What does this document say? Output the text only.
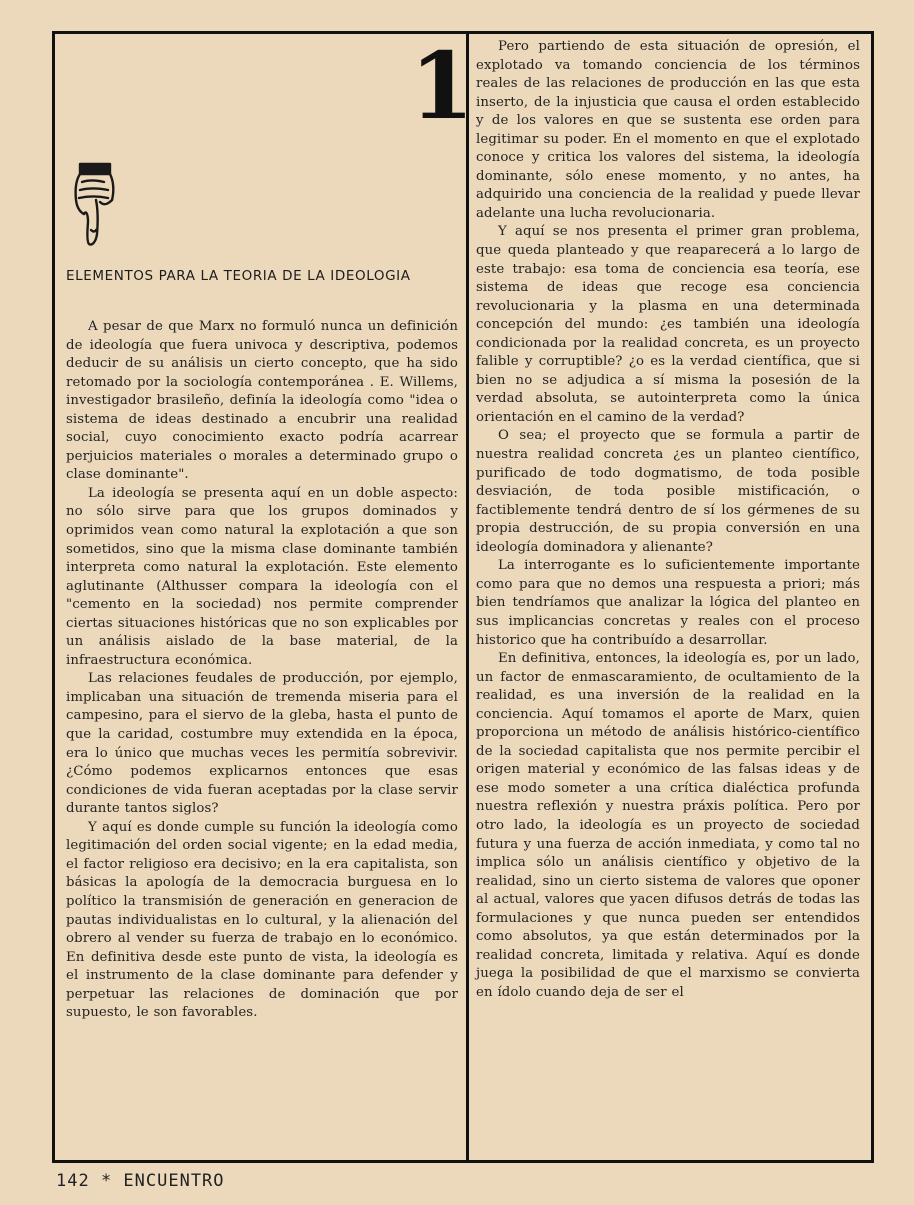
1
ELEMENTOS PARA LA TEORIA DE LA IDEOLOGIA

A pesar de que Marx no formuló nunca un definición de ideología que fuera univoca y descriptiva, podemos deducir de su análisis un cierto concepto, que ha sido retomado por la sociología contemporánea . E. Willems, investigador brasileño, definía la ideología como "idea o sistema de ideas destinado a encubrir una realidad social, cuyo conocimiento exacto podría acarrear perjuicios materiales o morales a determinado grupo o clase dominante".

La ideología se presenta aquí en un doble aspecto: no sólo sirve para que los grupos dominados y oprimidos vean como natural la explotación a que son sometidos, sino que la misma clase dominante también interpreta como natural la explotación. Este elemento aglutinante (Althusser compara la ideología con el "cemento en la sociedad) nos permite comprender ciertas situaciones históricas que no son explicables por un análisis aislado de la base material, de la infraestructura económica.

Las relaciones feudales de producción, por ejemplo, implicaban una situación de tremenda miseria para el campesino, para el siervo de la gleba, hasta el punto de que la caridad, costumbre muy extendida en la época, era lo único que muchas veces les permitía sobrevivir. ¿Cómo podemos explicarnos entonces que esas condiciones de vida fueran aceptadas por la clase servir durante tantos siglos?

Y aquí es donde cumple su función la ideología como legitimación del orden social vigente; en la edad media, el factor religioso era decisivo; en la era capitalista, son básicas la apología de la democracia burguesa en lo político la transmisión de generación en generacion de pautas individualistas en lo cultural, y la alienación del obrero al vender su fuerza de trabajo en lo económico. En definitiva desde este punto de vista, la ideología es el instrumento de la clase dominante para defender y perpetuar las relaciones de dominación que por supuesto, le son favorables.

Pero partiendo de esta situación de opresión, el explotado va tomando conciencia de los términos reales de las relaciones de producción en las que esta inserto, de la injusticia que causa el orden establecido y de los valores en que se sustenta ese orden para legitimar su poder. En el momento en que el explotado conoce y critica los valores del sistema, la ideología dominante, sólo enese momento, y no antes, ha adquirido una conciencia de la realidad y puede llevar adelante una lucha revolucionaria.

Y aquí se nos presenta el primer gran problema, que queda planteado y que reaparecerá a lo largo de este trabajo: esa toma de conciencia esa teoría, ese sistema de ideas que recoge esa conciencia revolucionaria y la plasma en una determinada concepción del mundo: ¿es también una ideología condicionada por la realidad concreta, es un proyecto falible y corruptible? ¿o es la verdad científica, que si bien no se adjudica a sí misma la posesión de la verdad absoluta, se autointerpreta como la única orientación en el camino de la verdad?

O sea; el proyecto que se formula a partir de nuestra realidad concreta ¿es un planteo científico, purificado de todo dogmatismo, de toda posible desviación, de toda posible mistificación, o factiblemente tendrá dentro de sí los gérmenes de su propia destrucción, de su propia conversión en una ideología dominadora y alienante?

La interrogante es lo suficientemente importante como para que no demos una respuesta a priori; más bien tendríamos que analizar la lógica del planteo en sus implicancias concretas y reales con el proceso historico que ha contribuído a desarrollar.

En definitiva, entonces, la ideología es, por un lado, un factor de enmascaramiento, de ocultamiento de la realidad, es una inversión de la realidad en la conciencia. Aquí tomamos el aporte de Marx, quien proporciona un método de análisis histórico-científico de la sociedad capitalista que nos permite percibir el origen material y económico de las falsas ideas y de ese modo someter a una crítica dialéctica profunda nuestra reflexión y nuestra práxis política. Pero por otro lado, la ideología es un proyecto de sociedad futura y una fuerza de acción inmediata, y como tal no implica sólo un análisis científico y objetivo de la realidad, sino un cierto sistema de valores que oponer al actual, valores que yacen difusos detrás de todas las formulaciones y que nunca pueden ser entendidos como absolutos, ya que están determinados por la realidad concreta, limitada y relativa. Aquí es donde juega la posibilidad de que el marxismo se convierta en ídolo cuando deja de ser el

142 * ENCUENTRO
